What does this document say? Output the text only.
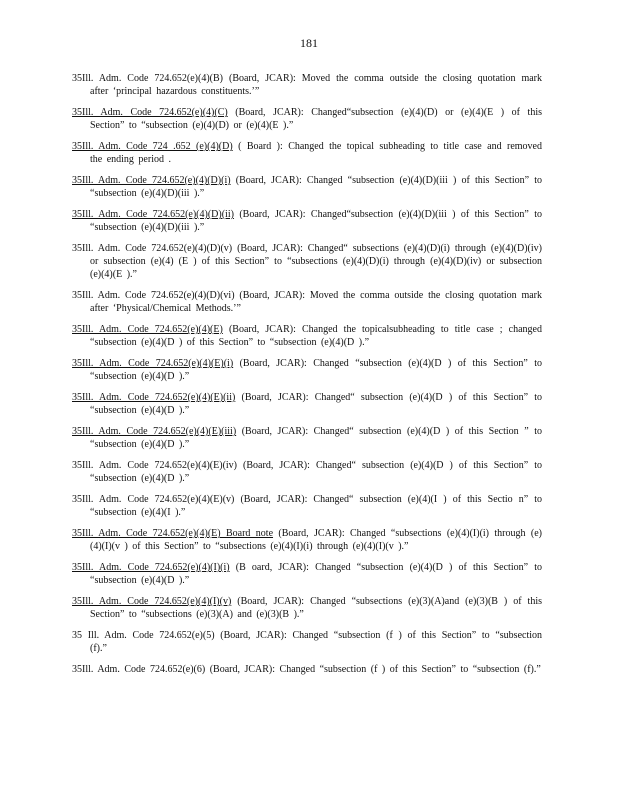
181

35Ill. Adm. Code 724.652(e)(4)(B) (Board, JCAR): Moved the comma outside the closing quotation mark after ‘principal hazardous constituents.’”

35Ill. Adm. Code 724.652(e)(4)(C) (Board, JCAR): Changed“subsection (e)(4)(D) or (e)(4)(E ) of this Section” to “subsection (e)(4)(D) or (e)(4)(E ).”

35Ill. Adm. Code 724 .652 (e)(4)(D) ( Board ): Changed the topical subheading to title case and removed the ending period .

35Ill. Adm. Code 724.652(e)(4)(D)(i) (Board, JCAR): Changed “subsection (e)(4)(D)(iii ) of this Section” to “subsection (e)(4)(D)(iii ).”

35Ill. Adm. Code 724.652(e)(4)(D)(ii) (Board, JCAR): Changed“subsection (e)(4)(D)(iii ) of this Section” to “subsection (e)(4)(D)(iii ).”

35Ill. Adm. Code 724.652(e)(4)(D)(v) (Board, JCAR): Changed“ subsections (e)(4)(D)(i) through (e)(4)(D)(iv) or subsection (e)(4) (E ) of this Section” to “subsections (e)(4)(D)(i) through (e)(4)(D)(iv) or subsection (e)(4)(E ).”

35Ill. Adm. Code 724.652(e)(4)(D)(vi) (Board, JCAR): Moved the comma outside the closing quotation mark after ‘Physical/Chemical Methods.’”

35Ill. Adm. Code 724.652(e)(4)(E) (Board, JCAR): Changed the topicalsubheading to title case ; changed “subsection (e)(4)(D ) of this Section” to “subsection (e)(4)(D ).”

35Ill. Adm. Code 724.652(e)(4)(E)(i) (Board, JCAR): Changed “subsection (e)(4)(D ) of this Section” to “subsection (e)(4)(D ).”

35Ill. Adm. Code 724.652(e)(4)(E)(ii) (Board, JCAR): Changed“ subsection (e)(4)(D ) of this Section” to “subsection (e)(4)(D ).”

35Ill. Adm. Code 724.652(e)(4)(E)(iii) (Board, JCAR): Changed“ subsection (e)(4)(D ) of this Section ” to “subsection (e)(4)(D ).”

35Ill. Adm. Code 724.652(e)(4)(E)(iv) (Board, JCAR): Changed“ subsection (e)(4)(D ) of this Section” to “subsection (e)(4)(D ).”

35Ill. Adm. Code 724.652(e)(4)(E)(v) (Board, JCAR): Changed“ subsection (e)(4)(I ) of this Sectio n” to “subsection (e)(4)(I ).”

35Ill. Adm. Code 724.652(e)(4)(E) Board note (Board, JCAR): Changed “subsections (e)(4)(I)(i) through (e)(4)(I)(v ) of this Section” to “subsections (e)(4)(I)(i) through (e)(4)(I)(v ).”

35Ill. Adm. Code 724.652(e)(4)(I)(i) (B oard, JCAR): Changed “subsection (e)(4)(D ) of this Section” to “subsection (e)(4)(D ).”

35Ill. Adm. Code 724.652(e)(4)(I)(v) (Board, JCAR): Changed “subsections (e)(3)(A)and (e)(3)(B ) of this Section” to “subsections (e)(3)(A) and (e)(3)(B ).”

35 Ill. Adm. Code 724.652(e)(5) (Board, JCAR): Changed “subsection (f ) of this Section” to “subsection (f).”

35Ill. Adm. Code 724.652(e)(6) (Board, JCAR): Changed “subsection (f ) of this Section” to “subsection (f).”
